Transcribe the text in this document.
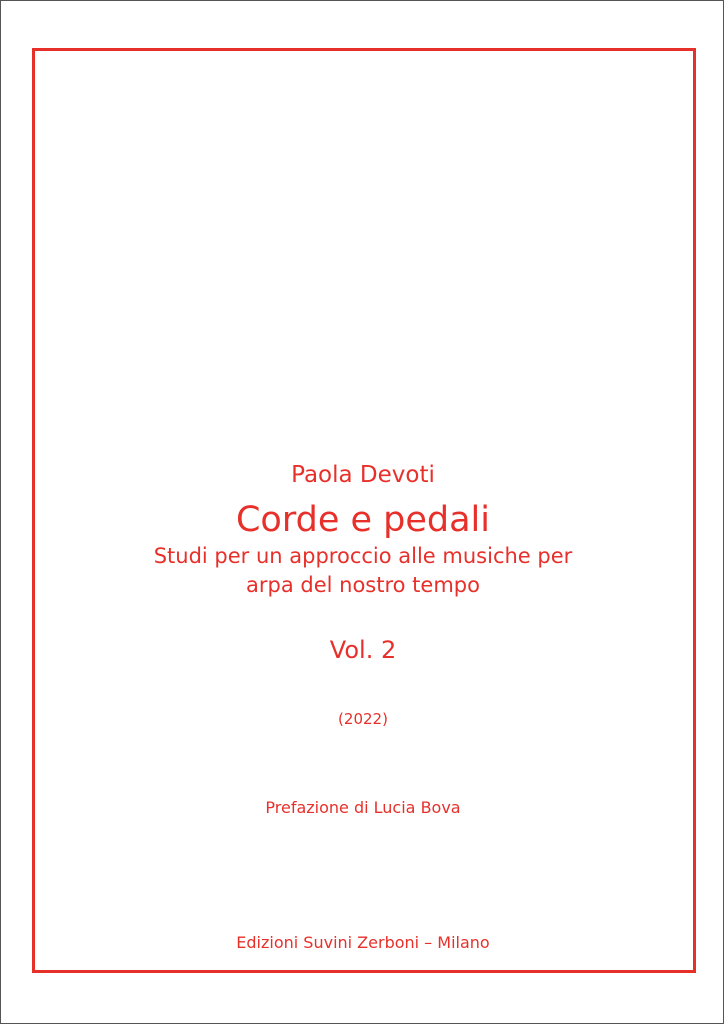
Paola Devoti
Corde e pedali
Studi per un approccio alle musiche per
arpa del nostro tempo
Vol. 2
(2022)
Prefazione di Lucia Bova
Edizioni Suvini Zerboni – Milano
